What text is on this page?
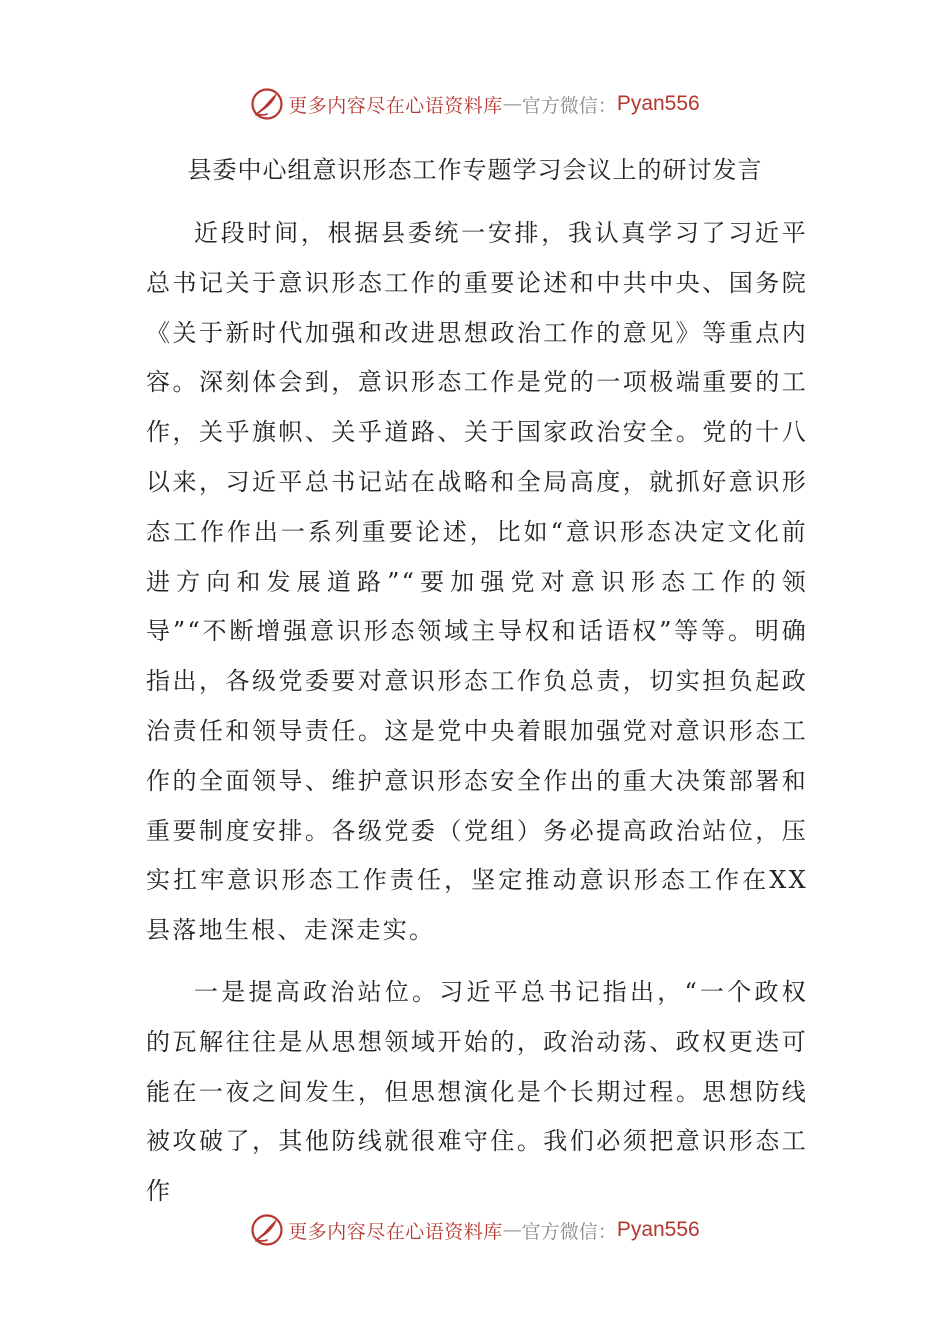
更多内容尽在心语资料库 — 官方微信： Pyan556
县委中心组意识形态工作专题学习会议上的研讨发言

近段时间，根据县委统一安排，我认真学习了习近平总书记关于意识形态工作的重要论述和中共中央、国务院《关于新时代加强和改进思想政治工作的意见》等重点内容。深刻体会到，意识形态工作是党的一项极端重要的工作，关乎旗帜、关乎道路、关于国家政治安全。党的十八以来，习近平总书记站在战略和全局高度，就抓好意识形态工作作出一系列重要论述，比如“意识形态决定文化前进方向和发展道路”“要加强党对意识形态工作的领导”“不断增强意识形态领域主导权和话语权”等等。明确指出，各级党委要对意识形态工作负总责，切实担负起政治责任和领导责任。这是党中央着眼加强党对意识形态工作的全面领导、维护意识形态安全作出的重大决策部署和重要制度安排。各级党委（党组）务必提高政治站位，压实扛牢意识形态工作责任，坚定推动意识形态工作在XX县落地生根、走深走实。

一是提高政治站位。习近平总书记指出，“一个政权的瓦解往往是从思想领域开始的，政治动荡、政权更迭可能在一夜之间发生，但思想演化是个长期过程。思想防线被攻破了，其他防线就很难守住。我们必须把意识形态工作

更多内容尽在心语资料库 — 官方微信： Pyan556
